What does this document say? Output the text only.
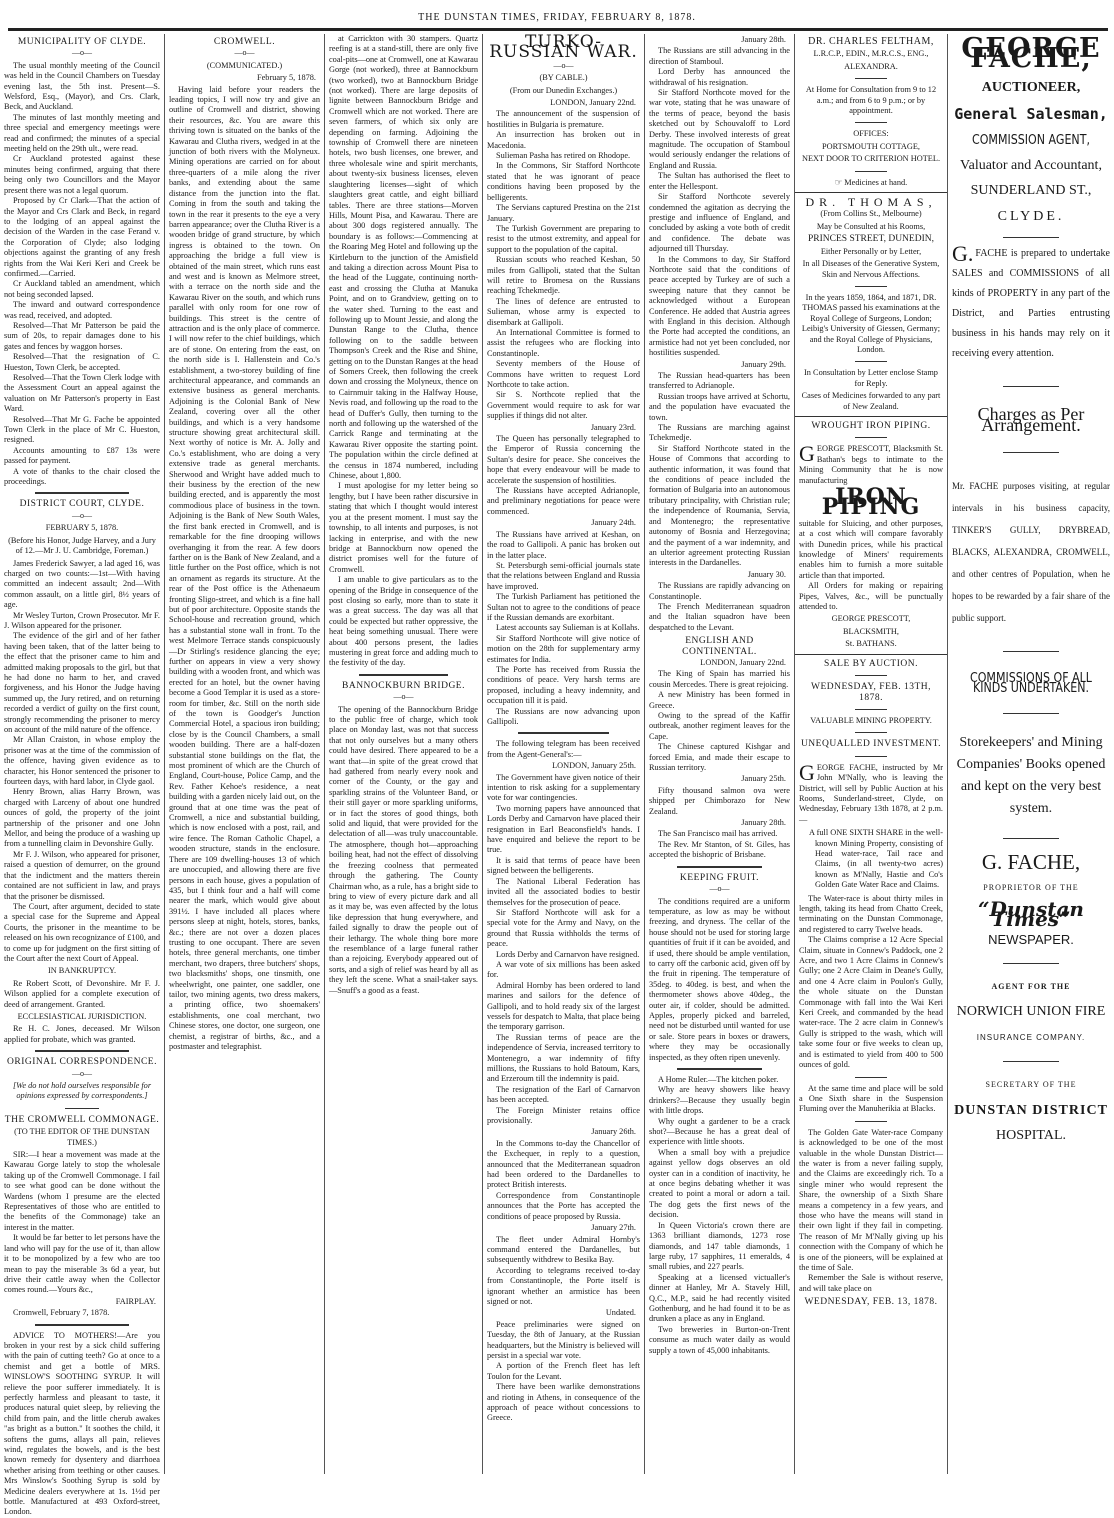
THE DUNSTAN TIMES, FRIDAY, FEBRUARY 8, 1878.
MUNICIPALITY OF CLYDE.
—o—

The usual monthly meeting of the Council was held in the Council Chambers on Tuesday evening last, the 5th inst. Present—S. Welsford, Esq., (Mayor), and Crs. Clark, Beck, and Auckland.

The minutes of last monthly meeting and three special and emergency meetings were read and confirmed; the minutes of a special meeting held on the 29th ult., were read.

Cr Auckland protested against these minutes being confirmed, arguing that there being only two Councillors and the Mayor present there was not a legal quorum.

Proposed by Cr Clark—That the action of the Mayor and Crs Clark and Beck, in regard to the lodging of an appeal against the decision of the Warden in the case Ferand v. the Corporation of Clyde; also lodging objections against the granting of any fresh rights from the Wai Keri Keri and Creek be confirmed.—Carried.

Cr Auckland tabled an amendment, which not being seconded lapsed.

The inward and outward correspondence was read, received, and adopted.

Resolved—That Mr Patterson be paid the sum of 20s, to repair damages done to his gates and fences by waggon horses.

Resolved—That the resignation of C. Hueston, Town Clerk, be accepted.

Resolved—That the Town Clerk lodge with the Assessment Court an appeal against the valuation on Mr Patterson's property in East Ward.

Resolved—That Mr G. Fache be appointed Town Clerk in the place of Mr C. Hueston, resigned.

Accounts amounting to £87 13s were passed for payment.

A vote of thanks to the chair closed the proceedings.

DISTRICT COURT, CLYDE.
—o—
FEBRUARY 5, 1878.
(Before his Honor, Judge Harvey, and a Jury of 12.—Mr J. U. Cambridge, Foreman.)

James Frederick Sawyer, a lad aged 16, was charged on two counts:—1st—With having committed an indecent assault; 2nd—With common assault, on a little girl, 8½ years of age.

Mr Wesley Turton, Crown Prosecutor. Mr F. J. Wilson appeared for the prisoner.

The evidence of the girl and of her father having been taken, that of the latter being to the effect that the prisoner came to him and admitted making proposals to the girl, but that he had done no harm to her, and craved forgiveness, and his Honor the Judge having summed up, the Jury retired, and on returning recorded a verdict of guilty on the first count, strongly recommending the prisoner to mercy on account of the mild nature of the offence.

Mr Allan Craiston, in whose employ the prisoner was at the time of the commission of the offence, having given evidence as to character, his Honor sentenced the prisoner to fourteen days, with hard labor, in Clyde gaol.

Henry Brown, alias Harry Brown, was charged with Larceny of about one hundred ounces of gold, the property of the joint partnership of the prisoner and one John Mellor, and being the produce of a washing up from a tunnelling claim in Devonshire Gully.

Mr F. J. Wilson, who appeared for prisoner, raised a question of demurrer, on the ground that the indictment and the matters therein contained are not sufficient in law, and prays that the prisoner be dismissed.

The Court, after argument, decided to state a special case for the Supreme and Appeal Courts, the prisoner in the meantime to be released on his own recognizance of £100, and to come up for judgment on the first sitting of the Court after the next Court of Appeal.

IN BANKRUPTCY.

Re Robert Scott, of Devonshire. Mr F. J. Wilson applied for a complete execution of deed of arrangement. Granted.

ECCLESIASTICAL JURISDICTION.

Re H. C. Jones, deceased. Mr Wilson applied for probate, which was granted.

ORIGINAL CORRESPONDENCE.
—o—
[We do not hold ourselves responsible for opinions expressed by correspondents.]
THE CROMWELL COMMONAGE.
(TO THE EDITOR OF THE DUNSTAN TIMES.)

SIR:—I hear a movement was made at the Kawarau Gorge lately to stop the wholesale taking up of the Cromwell Commonage. I fail to see what good can be done without the Wardens (whom I presume are the elected Representatives of those who are entitled to the benefits of the Commonage) take an interest in the matter.

It would be far better to let persons have the land who will pay for the use of it, than allow it to be monopolized by a few who are too mean to pay the miserable 3s 6d a year, but drive their cattle away when the Collector comes round.—Yours &c.,

FAIRPLAY.

Cromwell, February 7, 1878.

ADVICE TO MOTHERS!—Are you broken in your rest by a sick child suffering with the pain of cutting teeth? Go at once to a chemist and get a bottle of MRS. WINSLOW'S SOOTHING SYRUP. It will relieve the poor sufferer immediately. It is perfectly harmless and pleasant to taste, it produces natural quiet sleep, by relieving the child from pain, and the little cherub awakes "as bright as a button." It soothes the child, it softens the gums, allays all pain, relieves wind, regulates the bowels, and is the best known remedy for dysentery and diarrhoea whether arising from teething or other causes. Mrs Winslow's Soothing Syrup is sold by Medicine dealers everywhere at 1s. 1½d per bottle. Manufactured at 493 Oxford-street, London.

CROMWELL.
—o—
(COMMUNICATED.)
February 5, 1878.

Having laid before your readers the leading topics, I will now try and give an outline of Cromwell and district, showing their resources, &c. You are aware this thriving town is situated on the banks of the Kawarau and Clutha rivers, wedged in at the junction of both rivers with the Molyneux. Mining operations are carried on for about three-quarters of a mile along the river banks, and extending about the same distance from the junction into the flat. Coming in from the south and taking the town in the rear it presents to the eye a very barren appearance; over the Clutha River is a wooden bridge of grand structure, by which ingress is obtained to the town. On approaching the bridge a full view is obtained of the main street, which runs east and west and is known as Melmore street, with a terrace on the north side and the Kawarau River on the south, and which runs parallel with only room for one row of buildings. This street is the centre of attraction and is the only place of commerce. I will now refer to the chief buildings, which are of stone. On entering from the east, on the north side is I. Hallenstein and Co.'s establishment, a two-storey building of fine architectural appearance, and commands an extensive business as general merchants. Adjoining is the Colonial Bank of New Zealand, covering over all the other buildings, and which is a very handsome structure showing great architectural skill. Next worthy of notice is Mr. A. Jolly and Co.'s establishment, who are doing a very extensive trade as general merchants. Sherwood and Wright have added much to their business by the erection of the new building erected, and is apparently the most commodious place of business in the town. Adjoining is the Bank of New South Wales, the first bank erected in Cromwell, and is remarkable for the fine drooping willows overhanging it from the rear. A few doors farther on is the Bank of New Zealand, and a little further on the Post office, which is not an ornament as regards its structure. At the rear of the Post office is the Athenaeum fronting Sligo-street, and which is a fine hall but of poor architecture. Opposite stands the School-house and recreation ground, which has a substantial stone wall in front. To the west Melmore Terrace stands conspicuously—Dr Stirling's residence glancing the eye; further on appears in view a very showy building with a wooden front, and which was erected for an hotel, but the owner having become a Good Templar it is used as a store-room for timber, &c. Still on the north side of the town is Goodger's Junction Commercial Hotel, a spacious iron building; close by is the Council Chambers, a small wooden building. There are a half-dozen substantial stone buildings on the flat, the most prominent of which are the Church of England, Court-house, Police Camp, and the Rev. Father Kehoe's residence, a neat building with a garden nicely laid out, on the ground that at one time was the peat of Cromwell, a nice and substantial building, which is now enclosed with a post, rail, and wire fence. The Roman Catholic Chapel, a wooden structure, stands in the enclosure. There are 109 dwelling-houses 13 of which are unoccupied, and allowing there are five persons in each house, gives a population of 435, but I think four and a half will come nearer the mark, which would give about 391½. I have included all places where persons sleep at night, hotels, stores, banks, &c.; there are not over a dozen places trusting to one occupant. There are seven hotels, three general merchants, one timber merchant, two drapers, three butchers' shops, two blacksmiths' shops, one tinsmith, one wheelwright, one painter, one saddler, one tailor, two mining agents, two dress makers, a printing office, two shoemakers' establishments, one coal merchant, two Chinese stores, one doctor, one surgeon, one chemist, a registrar of births, &c., and a postmaster and telegraphist.

at Carrickton with 30 stampers. Quartz reefing is at a stand-still, there are only five coal-pits—one at Cromwell, one at Kawarau Gorge (not worked), three at Bannockburn (two worked), two at Bannockburn Bridge (not worked). There are large deposits of lignite between Bannockburn Bridge and Cromwell which are not worked. There are seven farmers, of which six only are depending on farming. Adjoining the township of Cromwell there are nineteen hotels, two bush licenses, one brewer, and three wholesale wine and spirit merchants, about twenty-six business licenses, eleven slaughtering licenses—sight of which slaughters great cattle, and eight billiard tables. There are three stations—Morven Hills, Mount Pisa, and Kawarau. There are about 300 dogs registered annually. The boundary is as follows:—Commencing at the Roaring Meg Hotel and following up the Kirtleburn to the junction of the Amisfield and taking a direction across Mount Pisa to the head of the Luggate, continuing north-east and crossing the Clutha at Manuka Point, and on to Grandview, getting on to the water shed. Turning to the east and following up to Mount Jessie, and along the Dunstan Range to the Clutha, thence following on to the saddle between Thompson's Creek and the Rise and Shine, getting on to the Dunstan Ranges at the head of Somers Creek, then following the creek down and crossing the Molyneux, thence on to Cairnmuir taking in the Halfway House, Nevis road, and following up the road to the head of Duffer's Gully, then turning to the north and following up the watershed of the Carrick Range and terminating at the Kawarau River opposite the starting point. The population within the circle defined at the census in 1874 numbered, including Chinese, about 1,800.

I must apologise for my letter being so lengthy, but I have been rather discursive in stating that which I thought would interest you at the present moment. I must say the township, to all intents and purposes, is not lacking in enterprise, and with the new bridge at Bannockburn now opened the district promises well for the future of Cromwell.

I am unable to give particulars as to the opening of the Bridge in consequence of the post closing so early, more than to state it was a great success. The day was all that could be expected but rather oppressive, the heat being something unusual. There were about 400 persons present, the ladies mustering in great force and adding much to the festivity of the day.

BANNOCKBURN BRIDGE.
—o—

The opening of the Bannockburn Bridge to the public free of charge, which took place on Monday last, was not that success that not only ourselves but a many others could have desired. There appeared to be a want that—in spite of the great crowd that had gathered from nearly every nook and corner of the County, or the gay and sparkling strains of the Volunteer Band, or their still gayer or more sparkling uniforms, or in fact the stores of good things, both solid and liquid, that were provided for the delectation of all—was truly unaccountable. The atmosphere, though hot—approaching boiling heat, had not the effect of dissolving the freezing coolness that permeated through the gathering. The County Chairman who, as a rule, has a bright side to bring to view of every picture dark and all as it may be, was even affected by the lotus like depression that hung everywhere, and failed signally to draw the people out of their lethargy. The whole thing bore more the resemblance of a large funeral rather than a rejoicing. Everybody appeared out of sorts, and a sigh of relief was heard by all as they left the scene. What a snail-taker says.—Snuff's a good as a feast.

TURKO-RUSSIAN WAR.
—o—
(BY CABLE.)
(From our Dunedin Exchanges.)
LONDON, January 22nd.

The announcement of the suspension of hostilities in Bulgaria is premature.

An insurrection has broken out in Macedonia.

Sulieman Pasha has retired on Rhodope.

In the Commons, Sir Stafford Northcote stated that he was ignorant of peace conditions having been proposed by the belligerents.

The Servians captured Prestina on the 21st January.

The Turkish Government are preparing to resist to the utmost extremity, and appeal for support to the population of the capital.

Russian scouts who reached Keshan, 50 miles from Gallipoli, stated that the Sultan will retire to Bromesa on the Russians reaching Tchekmedje.

The lines of defence are entrusted to Sulieman, whose army is expected to disembark at Gallipoli.

An International Committee is formed to assist the refugees who are flocking into Constantinople.

Seventy members of the House of Commons have written to request Lord Northcote to take action.

Sir S. Northcote replied that the Government would require to ask for war supplies if things did not alter.

January 23rd.

The Queen has personally telegraphed to the Emperor of Russia concerning the Sultan's desire for peace. She conceives the hope that every endeavour will be made to accelerate the suspension of hostilities.

The Russians have accepted Adrianople, and preliminary negotiations for peace were commenced.

January 24th.

The Russians have arrived at Keshan, on the road to Gallipoli. A panic has broken out in the latter place.

St. Petersburgh semi-official journals state that the relations between England and Russia have improved.

The Turkish Parliament has petitioned the Sultan not to agree to the conditions of peace if the Russian demands are exorbitant.

Latest accounts say Sulieman is at Kollahs.

Sir Stafford Northcote will give notice of motion on the 28th for supplementary army estimates for India.

The Porte has received from Russia the conditions of peace. Very harsh terms are proposed, including a heavy indemnity, and occupation till it is paid.

The Russians are now advancing upon Gallipoli.

The following telegram has been received from the Agent-General's:—

LONDON, January 25th.

The Government have given notice of their intention to risk asking for a supplementary vote for war contingencies.

Two morning papers have announced that Lords Derby and Carnarvon have placed their resignation in Earl Beaconsfield's hands. I have enquired and believe the report to be true.

It is said that terms of peace have been signed between the belligerents.

The National Liberal Federation has invited all the associated bodies to bestir themselves for the prosecution of peace.

Sir Stafford Northcote will ask for a special vote for the Army and Navy, on the ground that Russia withholds the terms of peace.

Lords Derby and Carnarvon have resigned.

A war vote of six millions has been asked for.

Admiral Hornby has been ordered to land marines and sailors for the defence of Gallipoli, and to hold ready six of the largest vessels for despatch to Malta, that place being the temporary garrison.

The Russian terms of peace are the independence of Servia, increased territory to Montenegro, a war indemnity of fifty millions, the Russians to hold Batoum, Kars, and Erzeroum till the indemnity is paid.

The resignation of the Earl of Carnarvon has been accepted.

The Foreign Minister retains office provisionally.

January 26th.

In the Commons to-day the Chancellor of the Exchequer, in reply to a question, announced that the Mediterranean squadron had been ordered to the Dardanelles to protect British interests.

Correspondence from Constantinople announces that the Porte has accepted the conditions of peace proposed by Russia.

January 27th.

The fleet under Admiral Hornby's command entered the Dardanelles, but subsequently withdrew to Besika Bay.

According to telegrams received to-day from Constantinople, the Porte itself is ignorant whether an armistice has been signed or not.

Undated.

Peace preliminaries were signed on Tuesday, the 8th of January, at the Russian headquarters, but the Ministry is believed will persist in a special war vote.

A portion of the French fleet has left Toulon for the Levant.

There have been warlike demonstrations and rioting in Athens, in consequence of the approach of peace without concessions to Greece.

January 28th.

The Russians are still advancing in the direction of Stamboul.

Lord Derby has announced the withdrawal of his resignation.

Sir Stafford Northcote moved for the war vote, stating that he was unaware of the terms of peace, beyond the basis sketched out by Schouvaloff to Lord Derby. These involved interests of great magnitude. The occupation of Stamboul would seriously endanger the relations of England and Russia.

The Sultan has authorised the fleet to enter the Hellespont.

Sir Stafford Northcote severely condemned the agitation as decrying the prestige and influence of England, and concluded by asking a vote both of credit and confidence. The debate was adjourned till Thursday.

In the Commons to day, Sir Stafford Northcote said that the conditions of peace accepted by Turkey are of such a sweeping nature that they cannot be acknowledged without a European Conference. He added that Austria agrees with England in this decision. Although the Porte had accepted the conditions, an armistice had not yet been concluded, nor hostilities suspended.

January 29th.

The Russian head-quarters has been transferred to Adrianople.

Russian troops have arrived at Schortu, and the population have evacuated the town.

The Russians are marching against Tchekmedje.

Sir Stafford Northcote stated in the House of Commons that according to authentic information, it was found that the conditions of peace included the formation of Bulgaria into an autonomous tributary principality, with Christian rule; the independence of Roumania, Servia, and Montenegro; the representative autonomy of Bosnia and Herzegovina; and the payment of a war indemnity, and an ulterior agreement protecting Russian interests in the Dardanelles.

January 30.

The Russians are rapidly advancing on Constantinople.

The French Mediterranean squadron and the Italian squadron have been despatched to the Levant.

ENGLISH AND CONTINENTAL.
LONDON, January 22nd.

The King of Spain has married his cousin Mercedes. There is great rejoicing.

A new Ministry has been formed in Greece.

Owing to the spread of the Kaffir outbreak, another regiment leaves for the Cape.

The Chinese captured Kishgar and forced Emia, and made their escape to Russian territory.

January 25th.

Fifty thousand salmon ova were shipped per Chimborazo for New Zealand.

January 28th.

The San Francisco mail has arrived.

The Rev. Mr Stanton, of St. Giles, has accepted the bishopric of Brisbane.

KEEPING FRUIT.
—o—

The conditions required are a uniform temperature, as low as may be without freezing, and dryness. The cellar of the house should not be used for storing large quantities of fruit if it can be avoided, and if used, there should be ample ventilation, to carry off the carbonic acid, given off by the fruit in ripening. The temperature of 35deg. to 40deg. is best, and when the thermometer shows above 40deg., the outer air, if colder, should be admitted. Apples, properly picked and barreled, need not be disturbed until wanted for use or sale. Store pears in boxes or drawers, where they may be occasionally inspected, as they often ripen unevenly.

A Home Ruler.—The kitchen poker.

Why are heavy showers like heavy drinkers?—Because they usually begin with little drops.

Why ought a gardener to be a crack shot?—Because he has a great deal of experience with little shoots.

When a small boy with a prejudice against yellow dogs observes an old oyster can in a condition of inactivity, he at once begins debating whether it was created to point a moral or adorn a tail. The dog gets the first news of the decision.

In Queen Victoria's crown there are 1363 brilliant diamonds, 1273 rose diamonds, and 147 table diamonds, 1 large ruby, 17 sapphires, 11 emeralds, 4 small rubies, and 227 pearls.

Speaking at a licensed victualler's dinner at Hanley, Mr A. Stavely Hill, Q.C., M.P., said he had recently visited Gothenburg, and he had found it to be as drunken a place as any in England.

Two breweries in Burton-on-Trent consume as much water daily as would supply a town of 45,000 inhabitants.

DR. CHARLES FELTHAM,
L.R.C.P., EDIN., M.R.C.S., ENG.,
ALEXANDRA.
At Home for Consultation from 9 to 12 a.m.; and from 6 to 9 p.m.; or by appointment.
OFFICES:
PORTSMOUTH COTTAGE,
NEXT DOOR TO CRITERION HOTEL.
☞ Medicines at hand.
DR. THOMAS,
(From Collins St., Melbourne)
May be Consulted at his Rooms,
PRINCES STREET, DUNEDIN,
Either Personally or by Letter,
In all Diseases of the Generative System, Skin and Nervous Affections.
In the years 1859, 1864, and 1871, DR. THOMAS passed his examinations at the Royal College of Surgeons, London; Leibig's University of Giessen, Germany; and the Royal College of Physicians, London.
In Consultation by Letter enclose Stamp for Reply.
Cases of Medicines forwarded to any part of New Zealand.
WROUGHT IRON PIPING.

GEORGE PRESCOTT, Blacksmith St. Bathan's begs to intimate to the Mining Community that he is now manufacturing

IRON PIPING

suitable for Sluicing, and other purposes, at a cost which will compare favorably with Dunedin prices, while his practical knowledge of Miners' requirements enables him to furnish a more suitable article than that imported.

All Orders for making or repairing Pipes, Valves, &c., will be punctually attended to.

GEORGE PRESCOTT,
BLACKSMITH,
St. BATHANS.
SALE BY AUCTION.
WEDNESDAY, FEB. 13TH, 1878.
VALUABLE MINING PROPERTY.
UNEQUALLED INVESTMENT.

GEORGE FACHE, instructed by Mr John M'Nally, who is leaving the District, will sell by Public Auction at his Rooms, Sunderland-street, Clyde, on Wednesday, February 13th 1878, at 2 p.m.—

A full ONE SIXTH SHARE in the well-known Mining Property, consisting of Head water-race, Tail race and Claims, (in all twenty-two acres) known as M'Nally, Hastie and Co's Golden Gate Water Race and Claims.

The Water-race is about thirty miles in length, taking its head from Chatto Creek, terminating on the Dunstan Commonage, and registered to carry Twelve heads.

The Claims comprise a 12 Acre Special Claim, situate in Connew's Paddock, one 2 Acre, and two 1 Acre Claims in Connew's Gully; one 2 Acre Claim in Deane's Gully, and one 4 Acre claim in Poulon's Gully, the whole situate on the Dunstan Commonage with fall into the Wai Keri Keri Creek, and commanded by the head water-race. The 2 acre claim in Connew's Gully is stripped to the wash, which will take some four or five weeks to clean up, and is estimated to yield from 400 to 500 ounces of gold.

At the same time and place will be sold a One Sixth share in the Suspension Fluming over the Manuherikia at Blacks.

The Golden Gate Water-race Company is acknowledged to be one of the most valuable in the whole Dunstan District—the water is from a never failing supply, and the Claims are exceedingly rich. To a single miner who would represent the Share, the ownership of a Sixth Share means a competency in a few years, and those who have the means will stand in their own light if they fail in competing. The reason of Mr M'Nally giving up his connection with the Company of which he is one of the pioneers, will be explained at the time of Sale.

Remember the Sale is without reserve, and will take place on

WEDNESDAY, FEB. 13, 1878.
GEORGE FACHE,
AUCTIONEER,
General Salesman,
COMMISSION AGENT,
Valuator and Accountant,
SUNDERLAND ST.,
CLYDE.
G.FACHE is prepared to undertake SALES and COMMISSIONS of all kinds of PROPERTY in any part of the District, and Parties entrusting business in his hands may rely on it receiving every attention.
Charges as Per Arrangement.
Mr. FACHE purposes visiting, at regular intervals in his business capacity, TINKER'S GULLY, DRYBREAD, BLACKS, ALEXANDRA, CROMWELL, and other centres of Population, when he hopes to be rewarded by a fair share of the public support.
COMMISSIONS OF ALL KINDS UNDERTAKEN.
Storekeepers' and Mining Companies' Books opened and kept on the very best system.
G. FACHE,
PROPRIETOR OF THE
“Dunstan Times”
NEWSPAPER.
AGENT FOR THE
NORWICH UNION FIRE
INSURANCE COMPANY.
SECRETARY OF THE
DUNSTAN DISTRICT
HOSPITAL.
